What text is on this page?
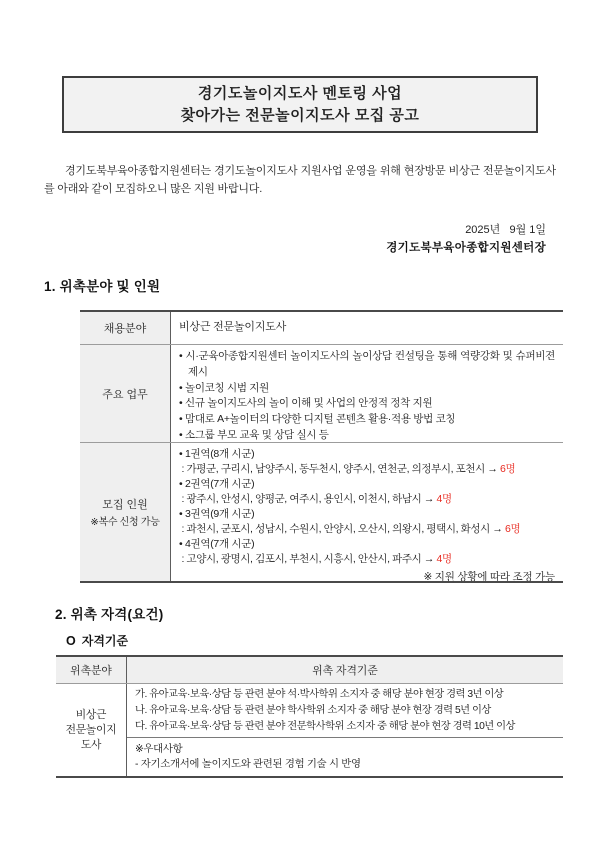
경기도놀이지도사 멘토링 사업
찾아가는 전문놀이지도사 모집 공고

경기도북부육아종합지원센터는 경기도놀이지도사 지원사업 운영을 위해 현장방문 비상근 전문놀이지도사를 아래와 같이 모집하오니 많은 지원 바랍니다.

2025년   9월 1일
경기도북부육아종합지원센터장
1. 위촉분야 및 인원
채용분야	비상근 전문놀이지도사
주요 업무
• 시·군육아종합지원센터 놀이지도사의 놀이상담 컨설팅을 통해 역량강화 및 슈퍼비젼 제시
• 놀이코칭 시범 지원
• 신규 놀이지도사의 놀이 이해 및 사업의 안정적 정착 지원
• 맘대로 A+놀이터의 다양한 디지털 콘텐츠 활용·적용 방법 코칭
• 소그룹 부모 교육 및 상담 실시 등
모집 인원
※복수 신청 가능
• 1권역(8개 시군)
: 가평군, 구리시, 남양주시, 동두천시, 양주시, 연천군, 의정부시, 포천시 → 6명
• 2권역(7개 시군)
: 광주시, 안성시, 양평군, 여주시, 용인시, 이천시, 하남시 → 4명
• 3권역(9개 시군)
: 과천시, 군포시, 성남시, 수원시, 안양시, 오산시, 의왕시, 평택시, 화성시 → 6명
• 4권역(7개 시군)
: 고양시, 광명시, 김포시, 부천시, 시흥시, 안산시, 파주시 → 4명
※ 지원 상황에 따라 조정 가능
2. 위촉 자격(요건)
O 자격기준
위촉분야	위촉 자격기준
비상근
전문놀이지
도사
가. 유아교육·보육·상담 등 관련 분야 석·박사학위 소지자 중 해당 분야 현장 경력 3년 이상
나. 유아교육·보육·상담 등 관련 분야 학사학위 소지자 중 해당 분야 현장 경력 5년 이상
다. 유아교육·보육·상담 등 관련 분야 전문학사학위 소지자 중 해당 분야 현장 경력 10년 이상
※우대사항
- 자기소개서에 놀이지도와 관련된 경험 기술 시 반영
